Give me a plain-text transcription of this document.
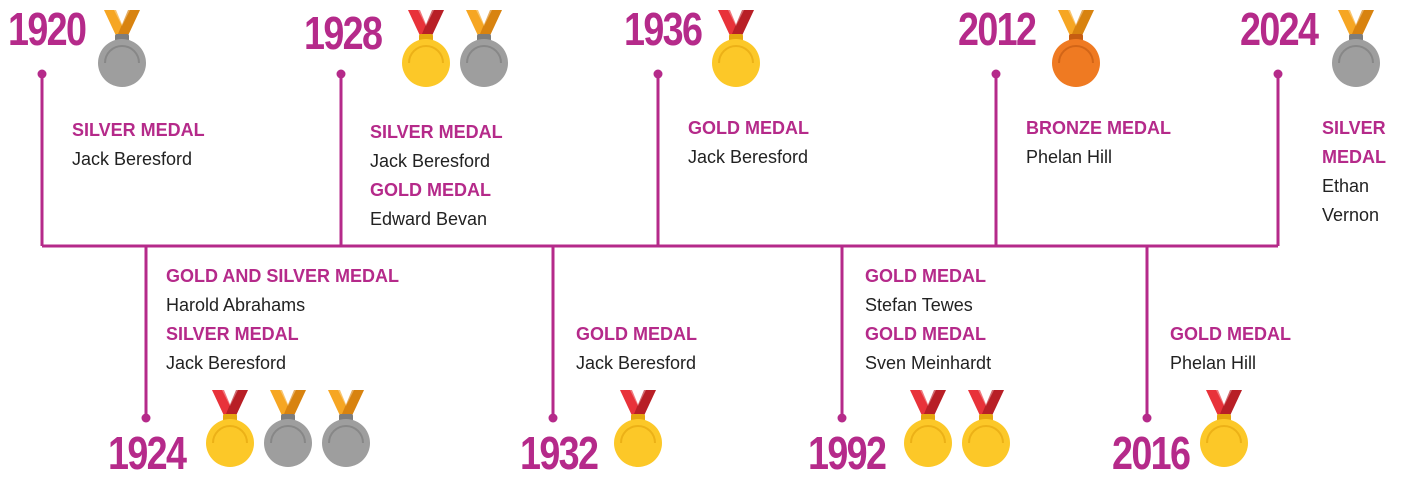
1920
SILVER MEDAL
Jack Beresford
1924
GOLD AND SILVER MEDAL
Harold Abrahams
SILVER MEDAL
Jack Beresford
1928
SILVER MEDAL
Jack Beresford
GOLD MEDAL
Edward Bevan
1932
GOLD MEDAL
Jack Beresford
1936
GOLD MEDAL
Jack Beresford
1992
GOLD MEDAL
Stefan Tewes
GOLD MEDAL
Sven Meinhardt
2012
BRONZE MEDAL
Phelan Hill
2016
GOLD MEDAL
Phelan Hill
2024
SILVER MEDAL
Ethan Vernon
